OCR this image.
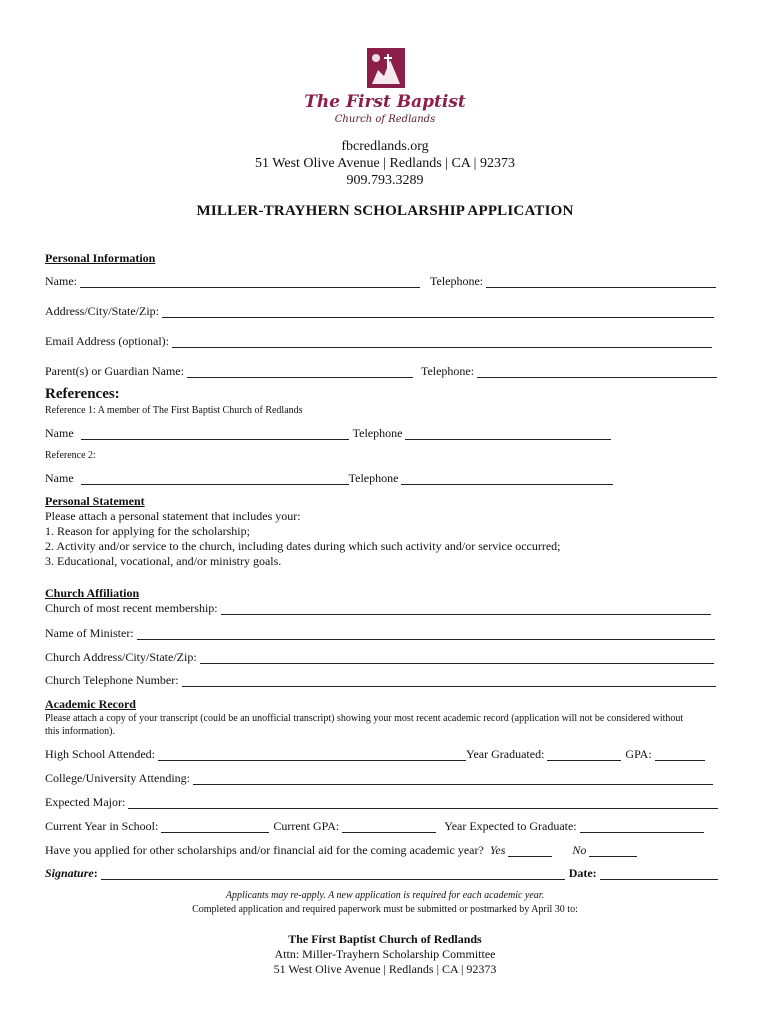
The First Baptist
Church of Redlands
fbcredlands.org
51 West Olive Avenue | Redlands | CA | 92373
909.793.3289
MILLER-TRAYHERN SCHOLARSHIP APPLICATION
Personal Information
Name:	Telephone:
Address/City/State/Zip:
Email Address (optional):
Parent(s) or Guardian Name:	Telephone:
References:
Reference 1: A member of The First Baptist Church of Redlands
Name	Telephone
Reference 2:
Name	Telephone
Personal Statement
Please attach a personal statement that includes your:
1. Reason for applying for the scholarship;
2. Activity and/or service to the church, including dates during which such activity and/or service occurred;
3. Educational, vocational, and/or ministry goals.
Church Affiliation
Church of most recent membership:
Name of Minister:
Church Address/City/State/Zip:
Church Telephone Number:
Academic Record
Please attach a copy of your transcript (could be an unofficial transcript) showing your most recent academic record (application will not be considered without this information).
High School Attended:	Year Graduated:	GPA:
College/University Attending:
Expected Major:
Current Year in School:	Current GPA:	Year Expected to Graduate:
Have you applied for other scholarships and/or financial aid for the coming academic year? Yes	No
Signature :	Date:
Applicants may re-apply. A new application is required for each academic year.
Completed application and required paperwork must be submitted or postmarked by April 30 to:
The First Baptist Church of Redlands
Attn: Miller-Trayhern Scholarship Committee
51 West Olive Avenue | Redlands | CA | 92373
